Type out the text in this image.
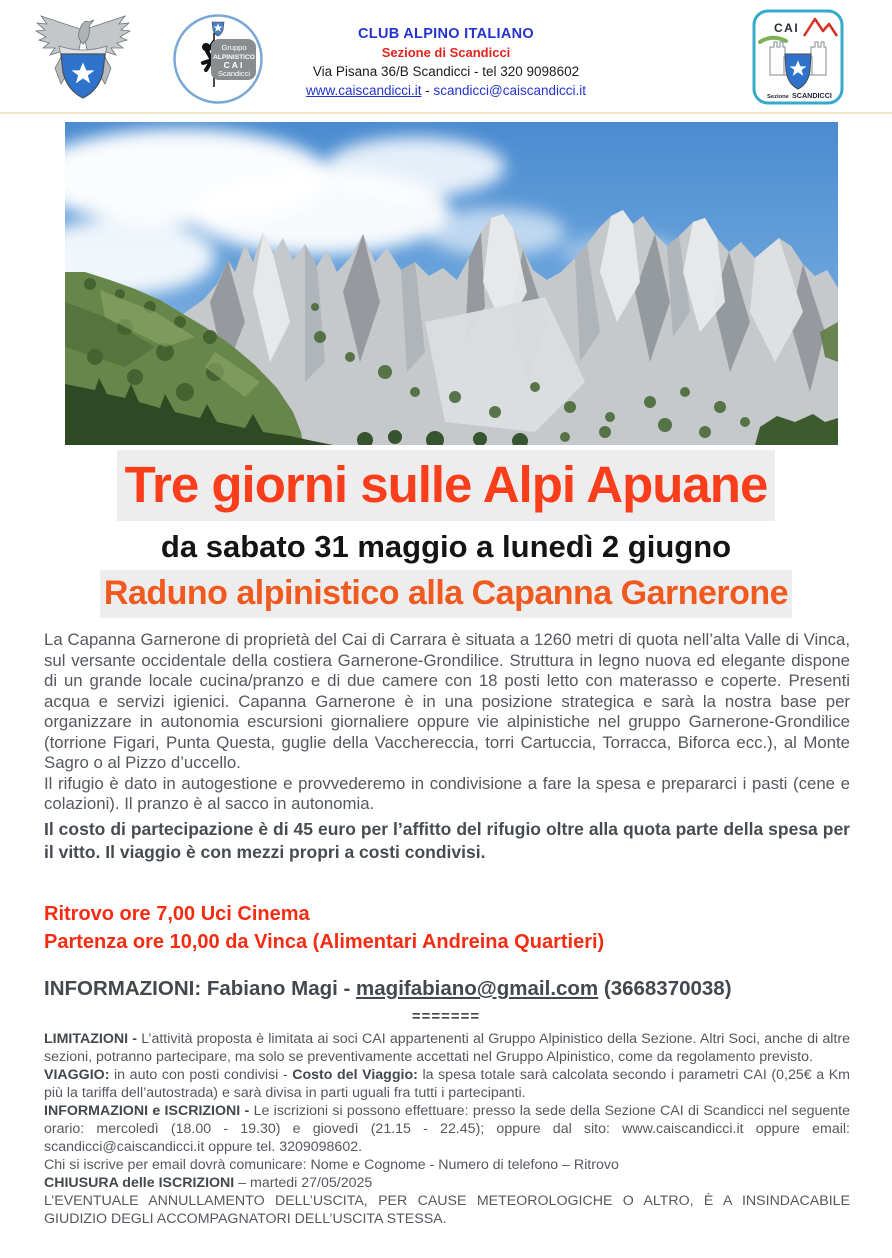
Gruppo
ALPINISTICO
CAI
Scandicci
CLUB ALPINO ITALIANO
Sezione di Scandicci
Via Pisana 36/B Scandicci - tel 320 9098602
www.caiscandicci.it - scandicci@caiscandicci.it
CAI
Sezione SCANDICCI
Tre giorni sulle Alpi Apuane
da sabato 31 maggio a lunedì 2 giugno
Raduno alpinistico alla Capanna Garnerone

La Capanna Garnerone di proprietà del Cai di Carrara è situata a 1260 metri di quota nell’alta Valle di Vinca, sul versante occidentale della costiera Garnerone-Grondilice. Struttura in legno nuova ed elegante dispone di un grande locale cucina/pranzo e di due camere con 18 posti letto con materasso e coperte. Presenti acqua e servizi igienici. Capanna Garnerone è in una posizione strategica e sarà la nostra base per organizzare in autonomia escursioni giornaliere oppure vie alpinistiche nel gruppo Garnerone-Grondilice (torrione Figari, Punta Questa, guglie della Vacchereccia, torri Cartuccia, Torracca, Biforca ecc.), al Monte Sagro o al Pizzo d’uccello.

Il rifugio è dato in autogestione e provvederemo in condivisione a fare la spesa e prepararci i pasti (cene e colazioni). Il pranzo è al sacco in autonomia.

Il costo di partecipazione è di 45 euro per l’affitto del rifugio oltre alla quota parte della spesa per il vitto. Il viaggio è con mezzi propri a costi condivisi.

Ritrovo ore 7,00 Uci Cinema
Partenza ore 10,00 da Vinca (Alimentari Andreina Quartieri)
INFORMAZIONI: Fabiano Magi - magifabiano@gmail.com (3668370038)
=======

LIMITAZIONI - L’attività proposta è limitata ai soci CAI appartenenti al Gruppo Alpinistico della Sezione. Altri Soci, anche di altre sezioni, potranno partecipare, ma solo se preventivamente accettati nel Gruppo Alpinistico, come da regolamento previsto.

VIAGGIO: in auto con posti condivisi - Costo del Viaggio: la spesa totale sarà calcolata secondo i parametri CAI (0,25€ a Km più la tariffa dell’autostrada) e sarà divisa in parti uguali fra tutti i partecipanti.

INFORMAZIONI e ISCRIZIONI - Le iscrizioni si possono effettuare: presso la sede della Sezione CAI di Scandicci nel seguente orario: mercoledì (18.00 - 19.30) e giovedì (21.15 - 22.45); oppure dal sito: www.caiscandicci.it oppure email: scandicci@caiscandicci.it oppure tel. 3209098602.

Chi si iscrive per email dovrà comunicare: Nome e Cognome - Numero di telefono – Ritrovo

CHIUSURA delle ISCRIZIONI – martedi 27/05/2025

L’EVENTUALE ANNULLAMENTO DELL’USCITA, PER CAUSE METEOROLOGICHE O ALTRO, È A INSINDACABILE GIUDIZIO DEGLI ACCOMPAGNATORI DELL’USCITA STESSA.
